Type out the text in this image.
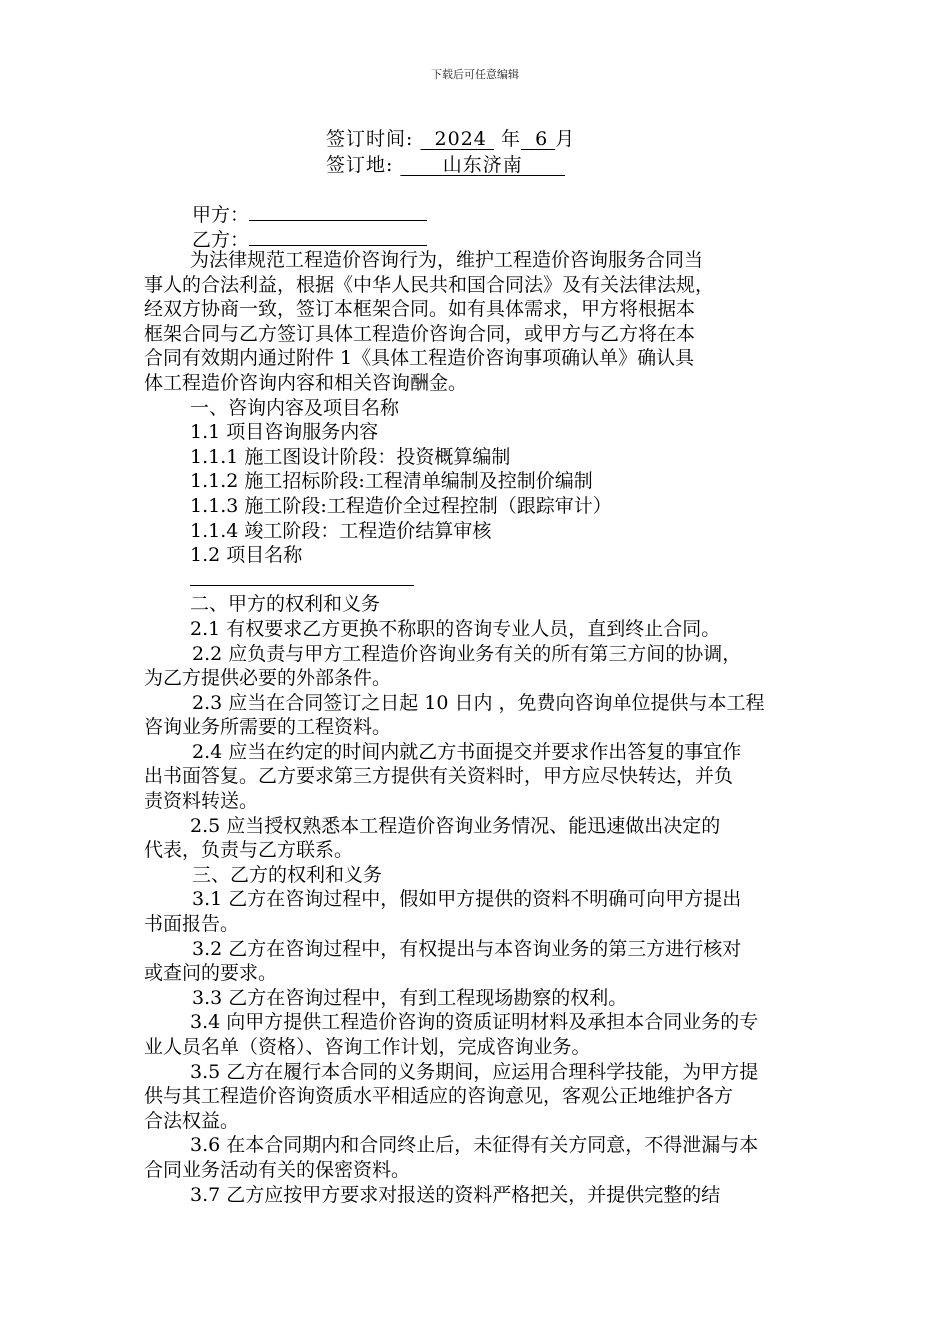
下载后可任意编辑
签订时间: 2024 年 6 月
签订地:	山东济南
甲方：
乙方：

为法律规范工程造价咨询行为，维护工程造价咨询服务合同当

事人的合法利益，根据《中华人民共和国合同法》及有关法律法规，

经双方协商一致，签订本框架合同。如有具体需求，甲方将根据本

框架合同与乙方签订具体工程造价咨询合同，或甲方与乙方将在本

合同有效期内通过附件 1《具体工程造价咨询事项确认单》确认具

体工程造价咨询内容和相关咨询酬金。

一、咨询内容及项目名称

1.1 项目咨询服务内容

1.1.1 施工图设计阶段：投资概算编制

1.1.2 施工招标阶段:工程清单编制及控制价编制

1.1.3 施工阶段:工程造价全过程控制（跟踪审计）

1.1.4 竣工阶段：工程造价结算审核

1.2 项目名称

二、甲方的权利和义务

2.1 有权要求乙方更换不称职的咨询专业人员，直到终止合同。

2.2 应负责与甲方工程造价咨询业务有关的所有第三方间的协调，

为乙方提供必要的外部条件。

2.3 应当在合同签订之日起 10 日内 ，免费向咨询单位提供与本工程

咨询业务所需要的工程资料。

2.4 应当在约定的时间内就乙方书面提交并要求作出答复的事宜作

出书面答复。乙方要求第三方提供有关资料时，甲方应尽快转达，并负

责资料转送。

2.5 应当授权熟悉本工程造价咨询业务情况、能迅速做出决定的

代表，负责与乙方联系。

三、乙方的权利和义务

3.1 乙方在咨询过程中，假如甲方提供的资料不明确可向甲方提出

书面报告。

3.2 乙方在咨询过程中，有权提出与本咨询业务的第三方进行核对

或查问的要求。

3.3 乙方在咨询过程中，有到工程现场勘察的权利。

3.4 向甲方提供工程造价咨询的资质证明材料及承担本合同业务的专

业人员名单（资格）、咨询工作计划，完成咨询业务。

3.5 乙方在履行本合同的义务期间，应运用合理科学技能，为甲方提

供与其工程造价咨询资质水平相适应的咨询意见，客观公正地维护各方

合法权益。

3.6 在本合同期内和合同终止后，未征得有关方同意，不得泄漏与本

合同业务活动有关的保密资料。

3.7 乙方应按甲方要求对报送的资料严格把关，并提供完整的结
